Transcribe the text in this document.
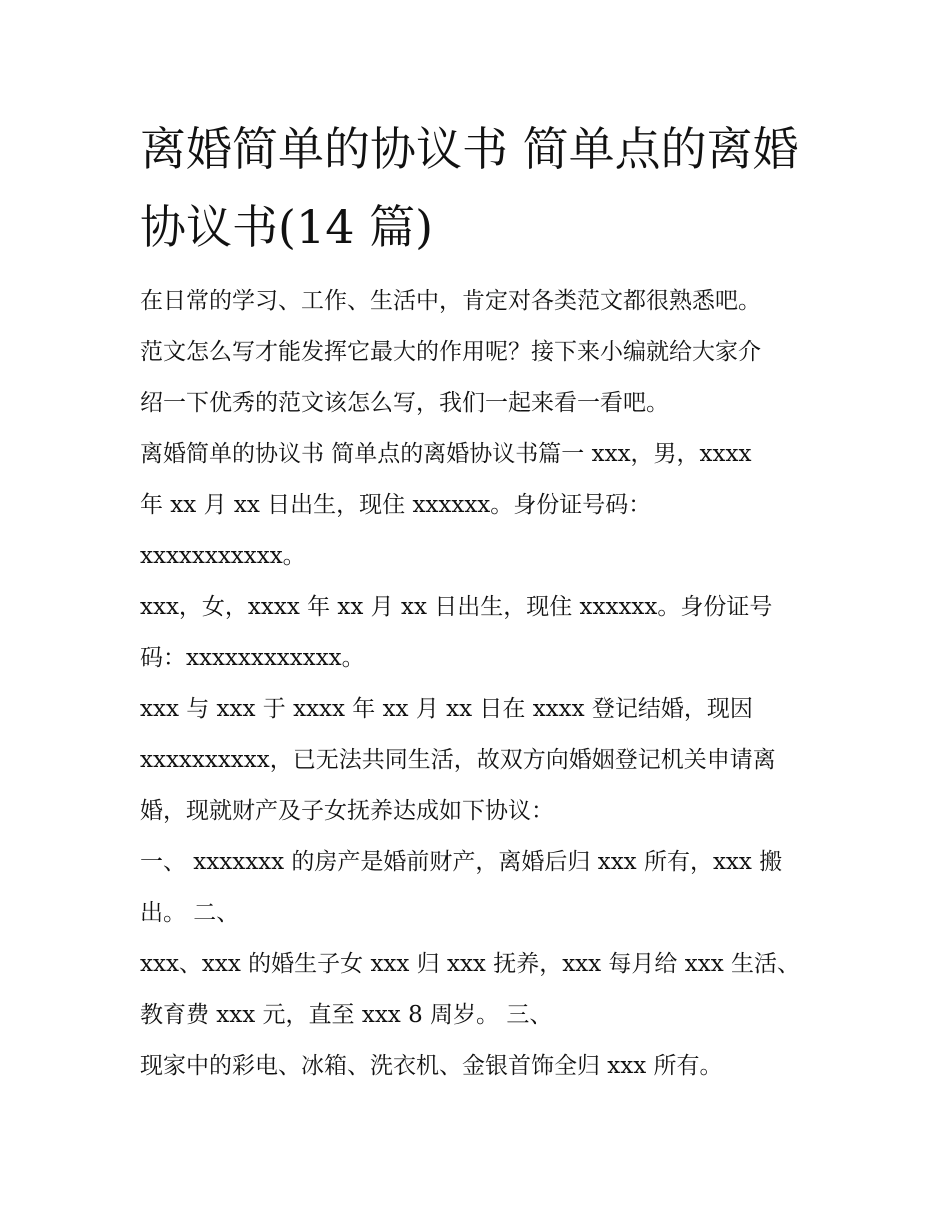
离婚简单的协议书 简单点的离婚协议书(14 篇)

在日常的学习、工作、生活中，肯定对各类范文都很熟悉吧。

范文怎么写才能发挥它最大的作用呢？接下来小编就给大家介

绍一下优秀的范文该怎么写，我们一起来看一看吧。

离婚简单的协议书 简单点的离婚协议书篇一 xxx，男，xxxx

年 xx 月 xx 日出生，现住 xxxxxx。身份证号码：

xxxxxxxxxxx。

xxx，女，xxxx 年 xx 月 xx 日出生，现住 xxxxxx。身份证号

码：xxxxxxxxxxxx。

xxx 与 xxx 于 xxxx 年 xx 月 xx 日在 xxxx 登记结婚，现因

xxxxxxxxxx，已无法共同生活，故双方向婚姻登记机关申请离

婚，现就财产及子女抚养达成如下协议：

一、 xxxxxxx 的房产是婚前财产，离婚后归 xxx 所有，xxx 搬

出。 二、

xxx、xxx 的婚生子女 xxx 归 xxx 抚养，xxx 每月给 xxx 生活、

教育费 xxx 元，直至 xxx 8 周岁。 三、

现家中的彩电、冰箱、洗衣机、金银首饰全归 xxx 所有。
